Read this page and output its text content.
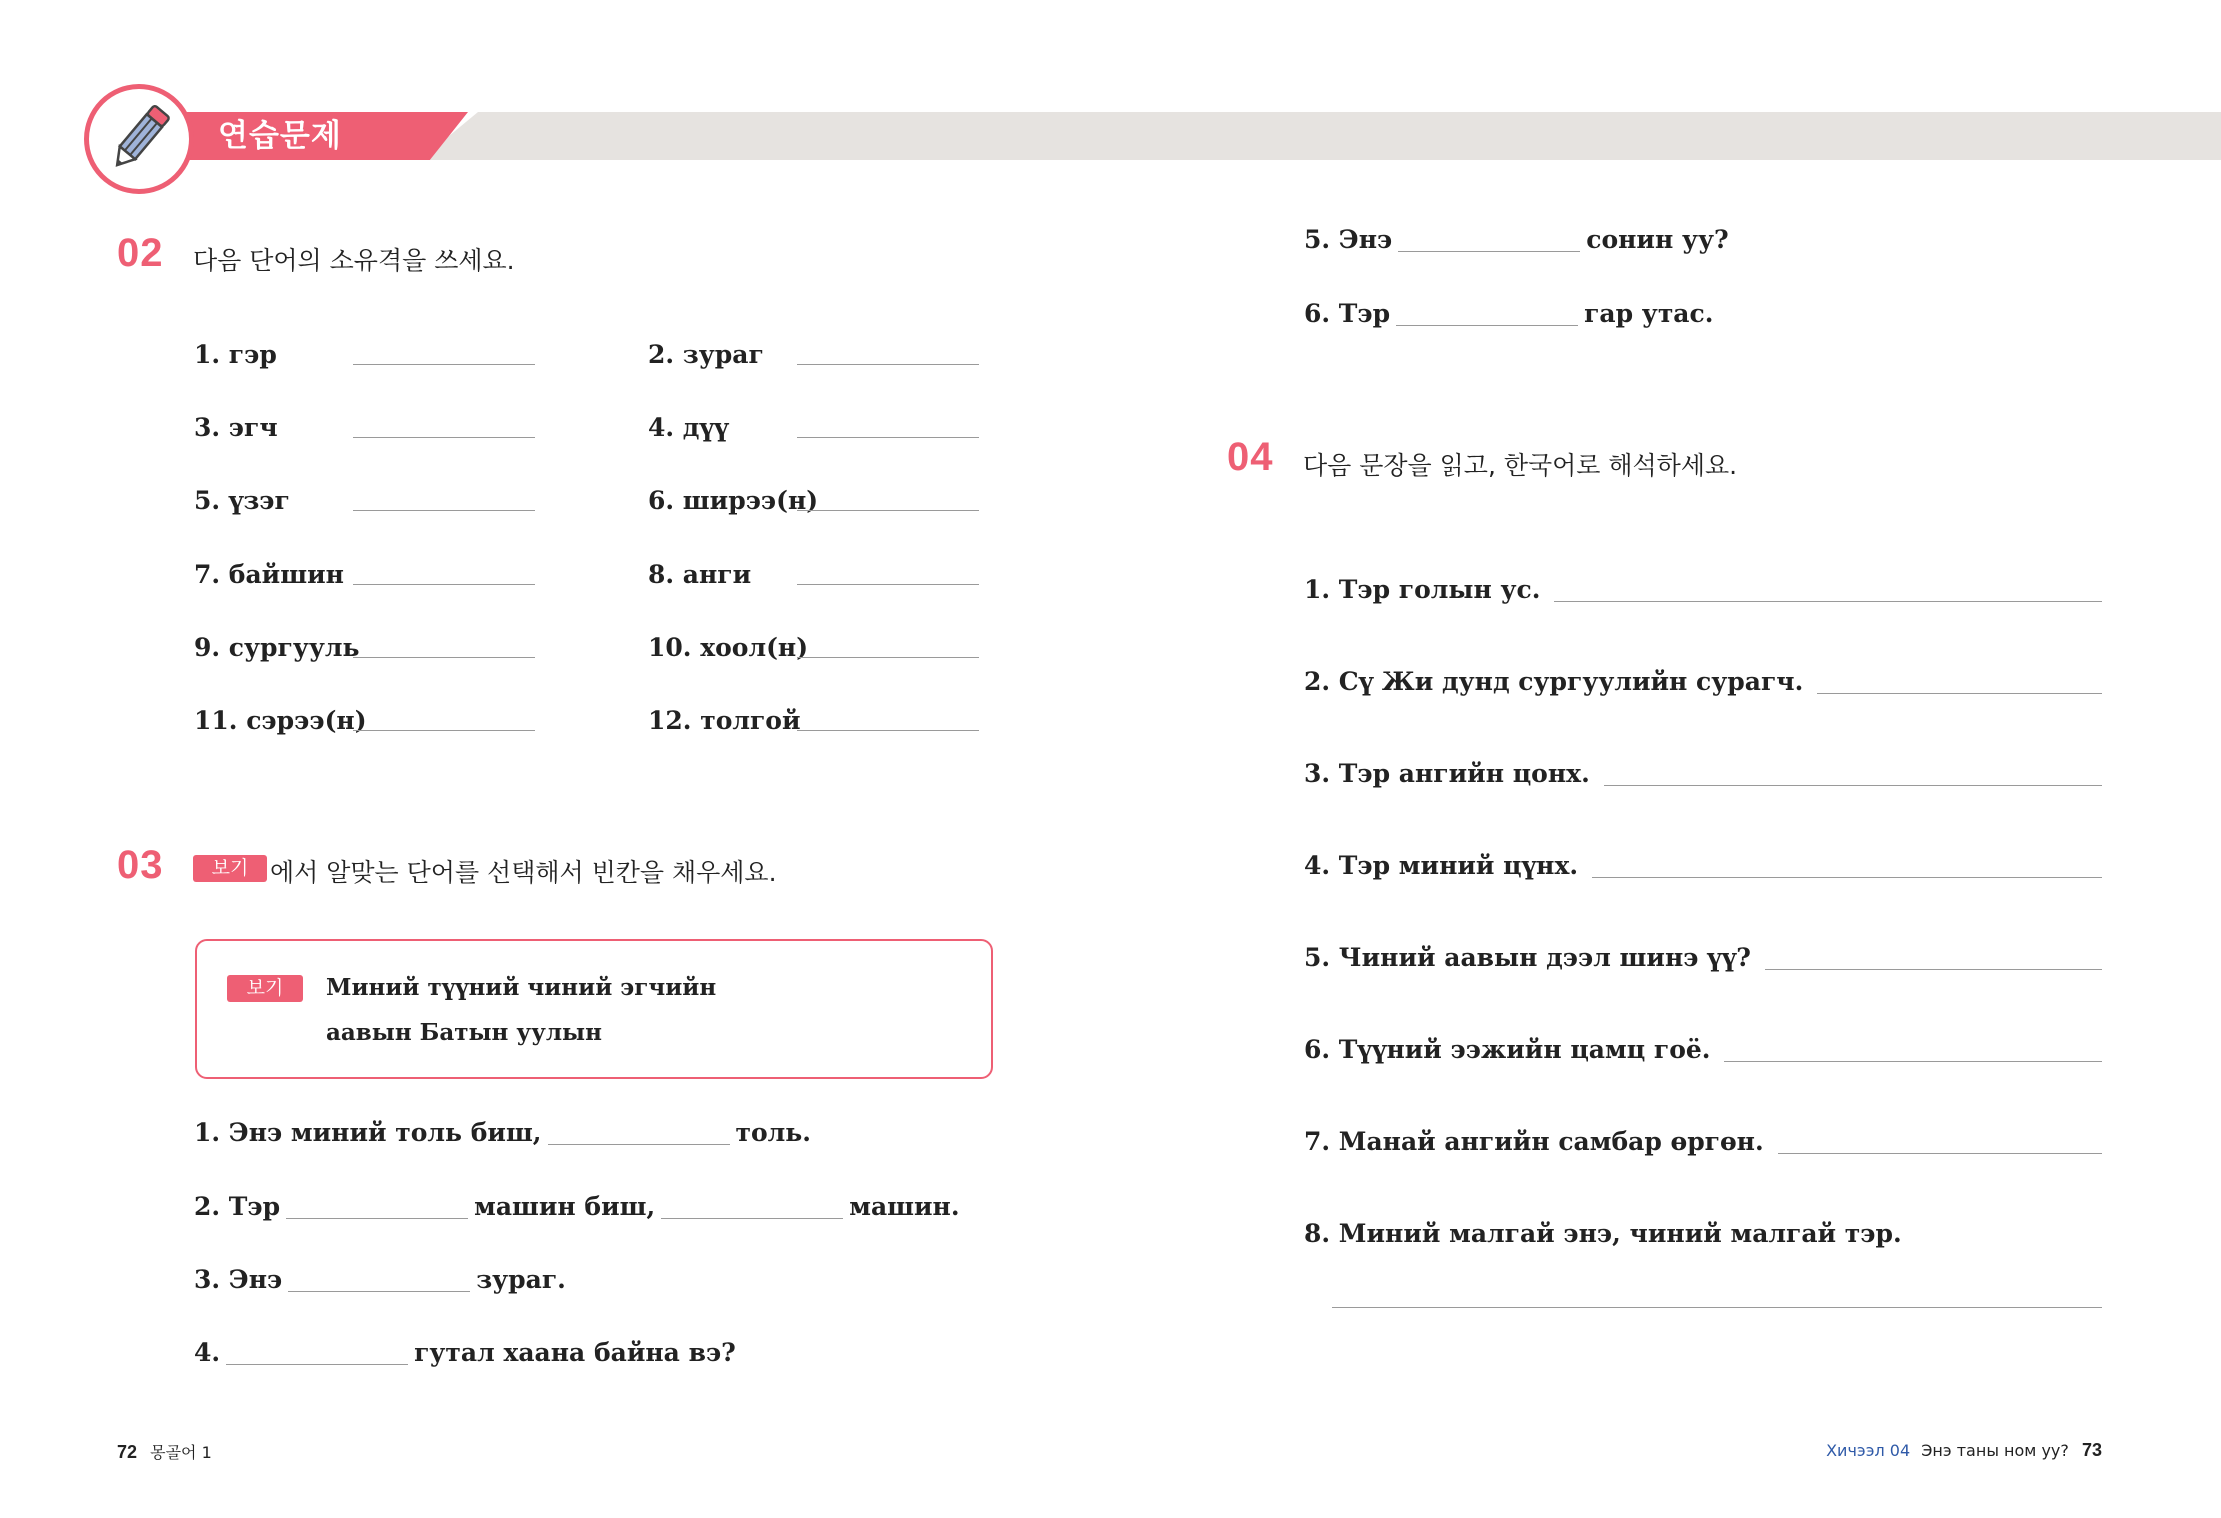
연습문제
02 다음 단어의 소유격을 쓰세요.
1. гэр	2. зураг
3. эгч	4. дүү
5. үзэг	6. ширээ(н)
7. байшин	8. анги
9. сургууль	10. хоол(н)
11. сэрээ(н)	12. толгой
03	보기 에서 알맞는 단어를 선택해서 빈칸을 채우세요.
보기	Миний түүний чиний эгчийн
аавын Батын уулын
1. Энэ миний толь биш,	толь.
2. Тэр	машин биш,	машин.
3. Энэ	зураг.
4.	гутал хаана байна вэ?
5. Энэ	сонин уу?
6. Тэр	гар утас.
04 다음 문장을 읽고, 한국어로 해석하세요.
1. Тэр голын ус.
2. Сү Жи дунд сургуулийн сурагч.
3. Тэр ангийн цонх.
4. Тэр миний цүнх.
5. Чиний аавын дээл шинэ үү?
6. Түүний ээжийн цамц гоё.
7. Манай ангийн самбар өргөн.
8. Миний малгай энэ, чиний малгай тэр.
72 몽골어 1	Хичээл 04 Энэ таны ном уу? 73
